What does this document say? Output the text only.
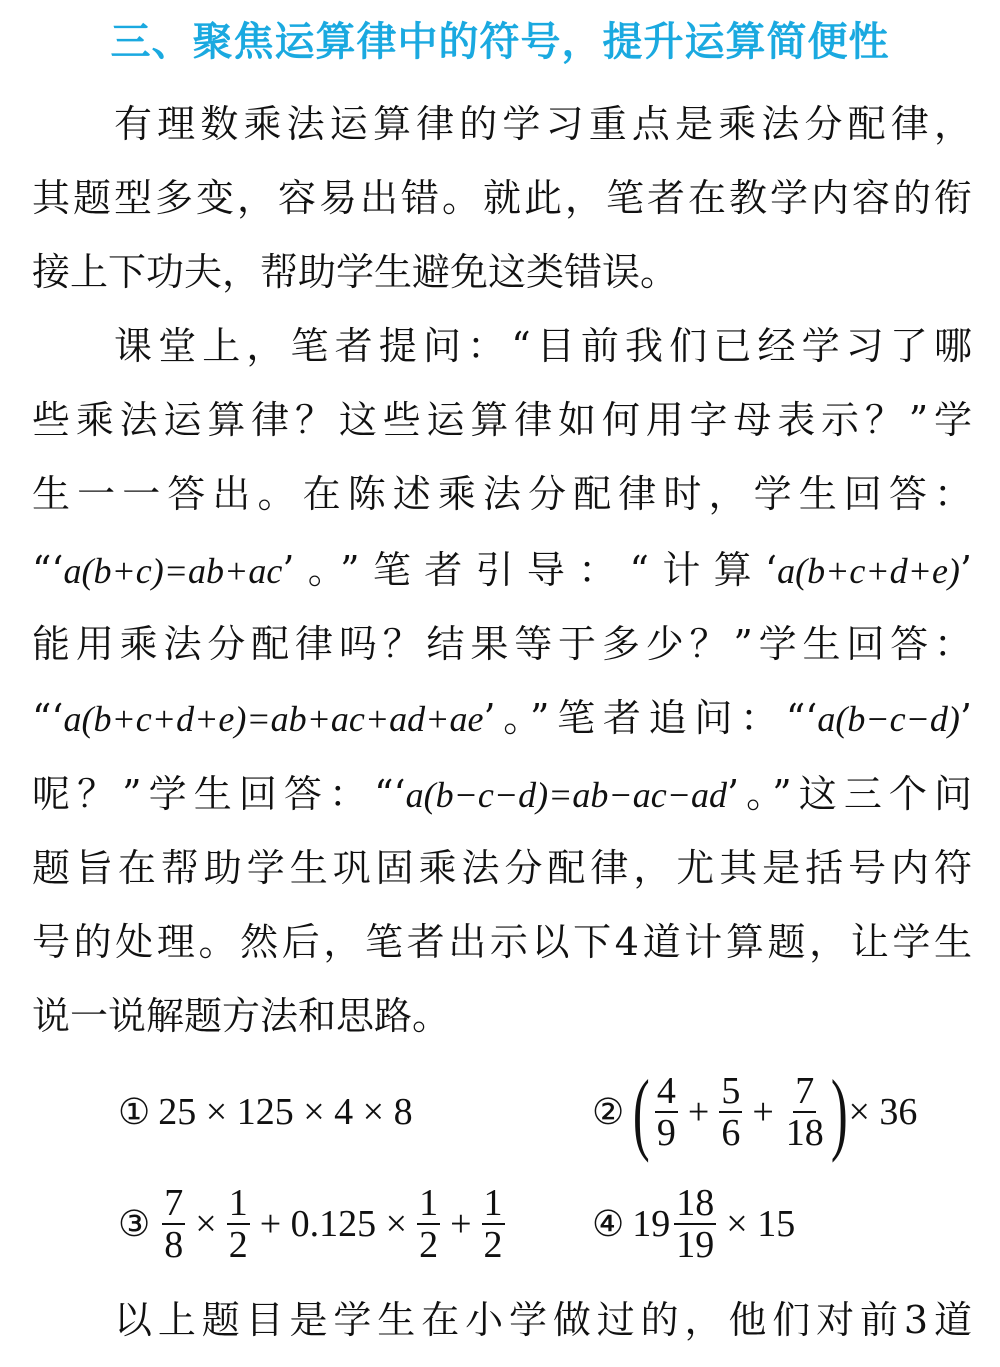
三、聚焦运算律中的符号，提升运算简便性
有理数乘法运算律的学习重点是乘法分配律，
其题型多变，容易出错。就此，笔者在教学内容的衔
接上下功夫，帮助学生避免这类错误。
课堂上，笔者提问：“目前我们已经学习了哪
些乘法运算律？这些运算律如何用字母表示？”学
生一一答出。在陈述乘法分配律时，学生回答：
“‘a(b+c)=ab+ac’。”笔者引导：“计算‘a(b+c+d+e)’
能用乘法分配律吗？结果等于多少？”学生回答：
“‘a(b+c+d+e)=ab+ac+ad+ae’。”笔者追问：“‘a(b−c−d)’
呢？”学生回答：“‘a(b−c−d)=ab−ac−ad’。”这三个问
题旨在帮助学生巩固乘法分配律，尤其是括号内符
号的处理。然后，笔者出示以下4道计算题，让学生
说一说解题方法和思路。
① 25 × 125 × 4 × 8	② ( $\frac{4}{9} + \frac{5}{6} + \frac{7}{18}$ ) × 36
③ $\frac{7}{8} \times \frac{1}{2} + 0.125 \times \frac{1}{2} + \frac{1}{2}$ ④ $19 \frac{18}{19} \times 15$
以上题目是学生在小学做过的，他们对前3道
